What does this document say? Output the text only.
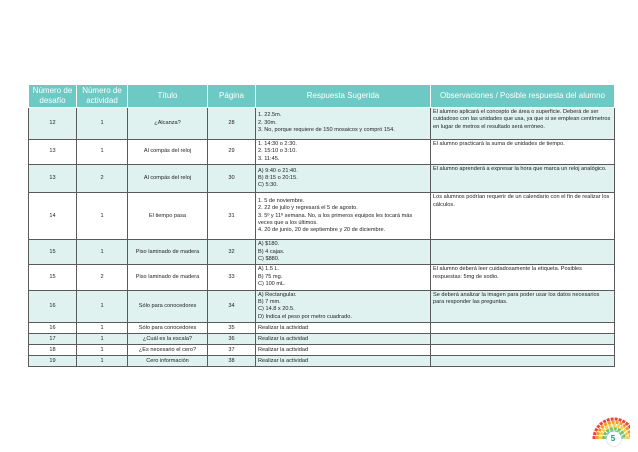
Número de desafío	Número de actividad	Título	Página	Respuesta Sugerida	Observaciones / Posible respuesta del alumno
12	1	¿Alcanza?	28	1. 22.5m.
2. 30m.
3. No, porque requiere de 150 mosaicos y compró 154.	El alumno aplicará el concepto de área o superficie. Deberá de ser cuidadoso con las unidades que usa, ya que si se emplean centímetros en lugar de metros el resultado será erróneo.
13	1	Al compás del reloj	29	1. 14:30 o 2:30.
2. 15:10 o 3:10.
3. 11:45.	El alumno practicará la suma de unidades de tiempo.
13	2	Al compás del reloj	30	A) 9:40 o 21:40.
B) 8:15 o 20:15.
C) 5:30.	El alumno aprenderá a expresar la hora que marca un reloj analógico.
14	1	El tiempo pasa	31	1. 5 de noviembre.
2. 22 de julio y regresará el 5 de agosto.
3. 5º y 11º semana. No, a los primeros equipos les tocará más veces que a los últimos.
4. 20 de junio, 20 de septiembre y 20 de diciembre.	Los alumnos podrían requerir de un calendario con el fin de realizar los cálculos.
15	1	Piso laminado de madera	32	A) $180.
B) 4 cajas.
C) $880.	

15	2	Piso laminado de madera	33	A) 1.5 L.
B) 75 mg.
C) 100 mL.	El alumno deberá leer cuidadosamente la etiqueta. Posibles respuestas: 5mg de sodio.
16	1	Sólo para conocedores	34	A) Rectangular.
B) 7 mm.
C) 14.8 x 20.5.
D) Indica el peso por metro cuadrado.	Se deberá analizar la imagen para poder usar los datos necesarios para responder las preguntas.
16	1	Sólo para conocedores	35	Realizar la actividad	

17	1	¿Cuál es la escala?	36	Realizar la actividad	

18	1	¿Es necesario el cero?	37	Realizar la actividad	

19	1	Cero información	38	Realizar la actividad	

5
